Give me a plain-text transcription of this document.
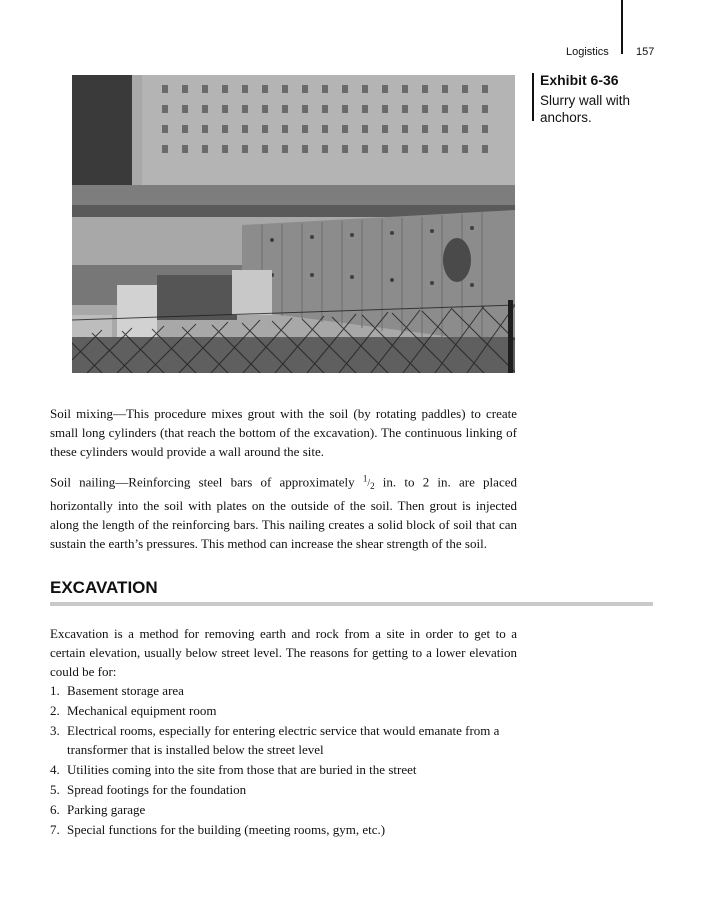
Logistics 157
Exhibit 6-36
Slurry wall with anchors.

Soil mixing—This procedure mixes grout with the soil (by rotating paddles) to create small long cylinders (that reach the bottom of the excavation). The continuous linking of these cylinders would provide a wall around the site.

Soil nailing—Reinforcing steel bars of approximately $^1/_2$ in. to 2 in. are placed horizontally into the soil with plates on the outside of the soil. Then grout is injected along the length of the reinforcing bars. This nailing creates a solid block of soil that can sustain the earth’s pressures. This method can increase the shear strength of the soil.

EXCAVATION

Excavation is a method for removing earth and rock from a site in order to get to a certain elevation, usually below street level. The reasons for getting to a lower elevation could be for:

1. Basement storage area
2. Mechanical equipment room
3. Electrical rooms, especially for entering electric service that would emanate from a transformer that is installed below the street level
4. Utilities coming into the site from those that are buried in the street
5. Spread footings for the foundation
6. Parking garage
7. Special functions for the building (meeting rooms, gym, etc.)
